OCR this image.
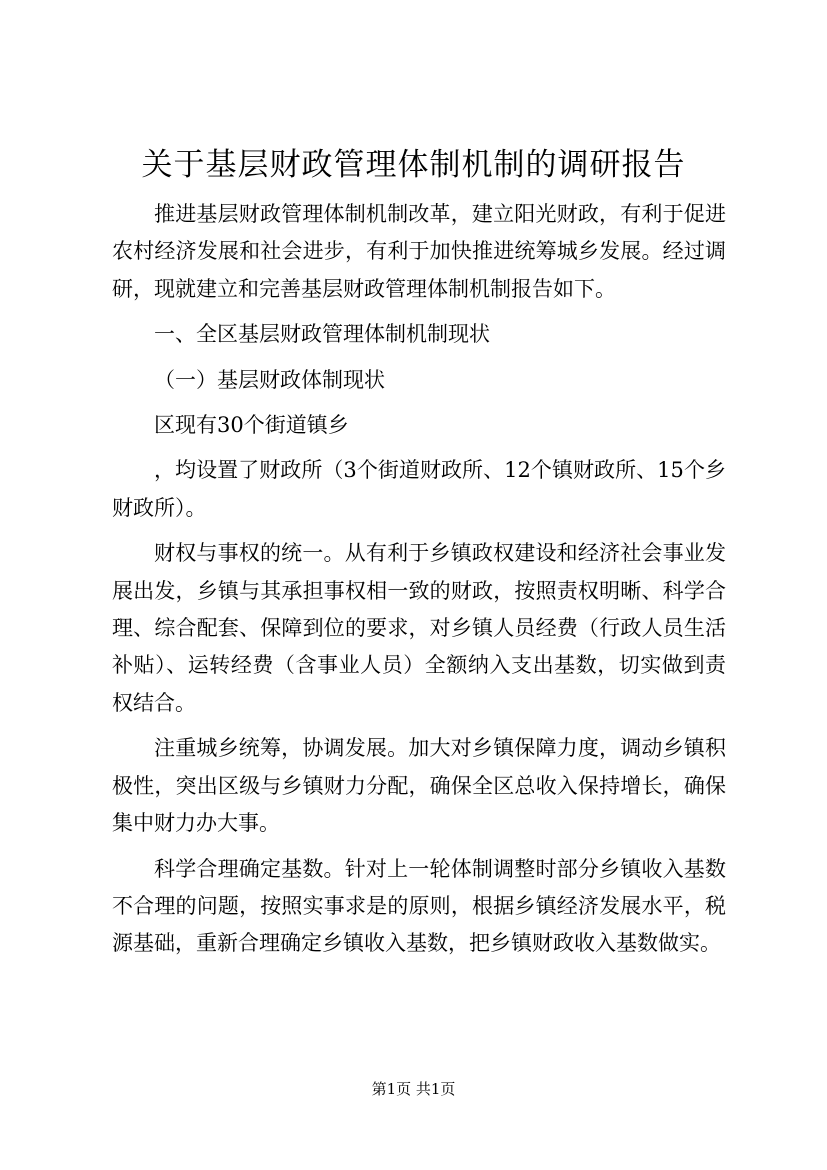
关于基层财政管理体制机制的调研报告

推进基层财政管理体制机制改革，建立阳光财政，有利于促进农村经济发展和社会进步，有利于加快推进统筹城乡发展。经过调研，现就建立和完善基层财政管理体制机制报告如下。

一、全区基层财政管理体制机制现状

（一）基层财政体制现状

区现有30个街道镇乡

，均设置了财政所（3个街道财政所、12个镇财政所、15个乡财政所）。

财权与事权的统一。从有利于乡镇政权建设和经济社会事业发展出发，乡镇与其承担事权相一致的财政，按照责权明晰、科学合理、综合配套、保障到位的要求，对乡镇人员经费（行政人员生活补贴）、运转经费（含事业人员）全额纳入支出基数，切实做到责权结合。

注重城乡统筹，协调发展。加大对乡镇保障力度，调动乡镇积极性，突出区级与乡镇财力分配，确保全区总收入保持增长，确保集中财力办大事。

科学合理确定基数。针对上一轮体制调整时部分乡镇收入基数不合理的问题，按照实事求是的原则，根据乡镇经济发展水平，税源基础，重新合理确定乡镇收入基数，把乡镇财政收入基数做实。

第1页 共1页
